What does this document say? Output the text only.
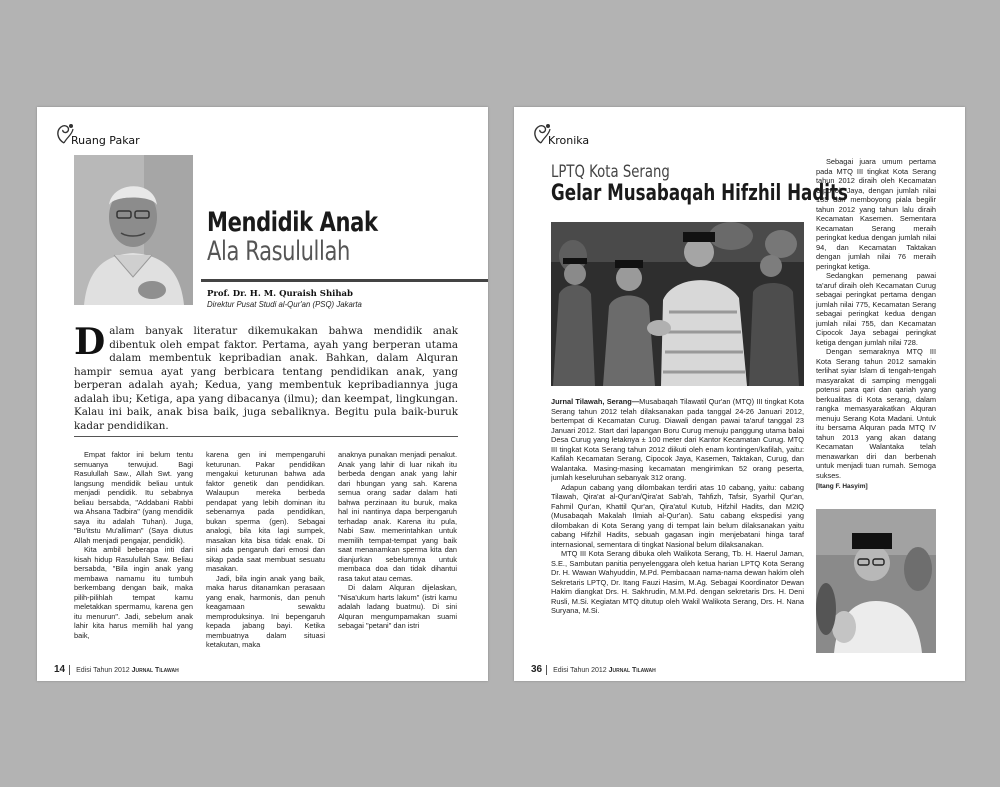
Ruang Pakar
Mendidik Anak
Ala Rasulullah
Prof. Dr. H. M. Quraish Shihab
Direktur Pusat Studi al-Qur'an (PSQ) Jakarta
Dalam banyak literatur dikemukakan bahwa mendidik anak dibentuk oleh empat faktor. Pertama, ayah yang berperan utama dalam membentuk kepribadian anak. Bahkan, dalam Alquran hampir semua ayat yang berbicara tentang pendidikan anak, yang berperan adalah ayah; Kedua, yang membentuk kepribadiannya juga adalah ibu; Ketiga, apa yang dibacanya (ilmu); dan keempat, lingkungan. Kalau ini baik, anak bisa baik, juga sebaliknya. Begitu pula baik-buruk kadar pendidikan.

Empat faktor ini belum tentu semuanya terwujud. Bagi Rasulullah Saw., Allah Swt. yang langsung mendidik beliau untuk menjadi pendidik. Itu sebabnya beliau bersabda, "Addabani Rabbi wa Ahsana Tadbira" (yang mendidik saya itu adalah Tuhan). Juga, "Bu'itstu Mu'alliman" (Saya diutus Allah menjadi pengajar, pendidik).

Kita ambil beberapa inti dari kisah hidup Rasulullah Saw. Beliau bersabda, "Bila ingin anak yang membawa namamu itu tumbuh berkembang dengan baik, maka pilih-pilihlah tempat kamu meletakkan spermamu, karena gen itu menurun". Jadi, sebelum anak lahir kita harus memilih hal yang baik,

karena gen ini mempengaruhi keturunan. Pakar pendidikan mengakui keturunan bahwa ada faktor genetik dan pendidikan. Walaupun mereka berbeda pendapat yang lebih dominan itu sebenarnya pada pendidikan, bukan sperma (gen). Sebagai analogi, bila kita lagi sumpek, masakan kita bisa tidak enak. Di sini ada pengaruh dari emosi dan sikap pada saat membuat sesuatu masakan.

Jadi, bila ingin anak yang baik, maka harus ditanamkan perasaan yang enak, harmonis, dan penuh keagamaan sewaktu memproduksinya. Ini bepengaruh kepada jabang bayi. Ketika membuatnya dalam situasi ketakutan, maka

anaknya punakan menjadi penakut. Anak yang lahir di luar nikah itu berbeda dengan anak yang lahir dari hbungan yang sah. Karena semua orang sadar dalam hati bahwa perzinaan itu buruk, maka hal ini nantinya dapa berpengaruh terhadap anak. Karena itu pula, Nabi Saw. memerintahkan untuk memilih tempat-tempat yang baik saat menanamkan sperma kita dan dianjurkan sebelumnya untuk membaca doa dan tidak dihantui rasa takut atau cemas.

Di dalam Alquran dijelaskan, "Nisa'ukum harts lakum" (istri kamu adalah ladang buatmu). Di sini Alquran mengumpamakan suami sebagai "petani" dan istri

14 Edisi Tahun 2012 Jurnal Tilawah
Kronika
LPTQ Kota Serang
Gelar Musabaqah Hifzhil Hadits

Jurnal Tilawah, Serang—Musabaqah Tilawatil Qur'an (MTQ) III tingkat Kota Serang tahun 2012 telah dilaksanakan pada tanggal 24-26 Januari 2012, bertempat di Kecamatan Curug. Diawali dengan pawai ta'aruf tanggal 23 Januari 2012. Start dari lapangan Boru Curug menuju panggung utama balai Desa Curug yang letaknya ± 100 meter dari Kantor Kecamatan Curug. MTQ III tingkat Kota Serang tahun 2012 diikuti oleh enam kontingen/kafilah, yaitu: Kafilah Kecamatan Serang, Cipocok Jaya, Kasemen, Taktakan, Curug, dan Walantaka. Masing-masing kecamatan mengirimkan 52 orang peserta, jumlah keseluruhan sebanyak 312 orang.

Adapun cabang yang dilombakan terdiri atas 10 cabang, yaitu: cabang Tilawah, Qira'at al-Qur'an/Qira'at Sab'ah, Tahfizh, Tafsir, Syarhil Qur'an, Fahmil Qur'an, Khattil Qur'an, Qira'atul Kutub, Hifzhil Hadits, dan M2IQ (Musabaqah Makalah Ilmiah al-Qur'an). Satu cabang ekspedisi yang dilombakan di Kota Serang yang di tempat lain belum dilaksanakan yaitu cabang Hifzhil Hadits, sebuah gagasan ingin menjebatani hinga taraf internasional, sementara di tingkat Nasional belum dilaksanakan.

MTQ III Kota Serang dibuka oleh Walikota Serang, Tb. H. Haerul Jaman, S.E., Sambutan panitia penyelenggara oleh ketua harian LPTQ Kota Serang Dr. H. Wawan Wahyuddin, M.Pd. Pembacaan nama-nama dewan hakim oleh Sekretaris LPTQ, Dr. Itang Fauzi Hasim, M.Ag. Sebagai Koordinator Dewan Hakim diangkat Drs. H. Sakhrudin, M.M.Pd. dengan sekretaris Drs. H. Deni Rusli, M.Si. Kegiatan MTQ ditutup oleh Wakil Walikota Serang, Drs. H. Nana Suryana, M.Si.

Sebagai juara umum pertama pada MTQ III tingkat Kota Serang tahun 2012 diraih oleh Kecamatan Cipocok Jaya, dengan jumlah nilai 135 dan memboyong piala begilir tahun 2012 yang tahun lalu diraih Kecamatan Kasemen. Sementara Kecamatan Serang meraih peringkat kedua dengan jumlah nilai 94, dan Kecamatan Taktakan dengan jumlah nilai 76 meraih peringkat ketiga.

Sedangkan pemenang pawai ta'aruf diraih oleh Kecamatan Curug sebagai peringkat pertama dengan jumlah nilai 775, Kecamatan Serang sebagai peringkat kedua dengan jumlah nilai 755, dan Kecamatan Cipocok Jaya sebagai peringkat ketiga dengan jumlah nilai 728.

Dengan semaraknya MTQ III Kota Serang tahun 2012 samakin terlihat syiar Islam di tengah-tengah masyarakat di samping menggali potensi para qari dan qariah yang berkualitas di Kota serang, dalam rangka memasyarakatkan Alquran menuju Serang Kota Madani. Untuk itu bersama Alquran pada MTQ IV tahun 2013 yang akan datang Kecamatan Walantaka telah menawarkan diri dan berbenah untuk menjadi tuan rumah. Semoga sukses.

[Itang F. Hasyim]
36 Edisi Tahun 2012 Jurnal Tilawah
